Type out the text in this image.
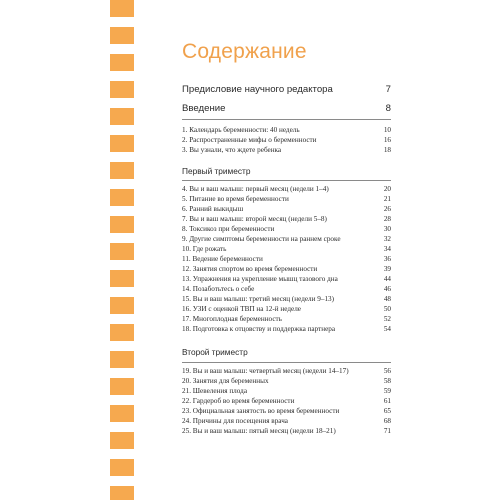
Содержание
Предисловие научного редактора	7
Введение	8
1. Календарь беременности: 40 недель	10
2. Распространенные мифы о беременности	16
3. Вы узнали, что ждете ребенка	18
Первый триместр
4. Вы и ваш малыш: первый месяц (недели 1–4)	20
5. Питание во время беременности	21
6. Ранний выкидыш	26
7. Вы и ваш малыш: второй месяц (недели 5–8)	28
8. Токсикоз при беременности	30
9. Другие симптомы беременности на раннем сроке	32
10. Где рожать	34
11. Ведение беременности	36
12. Занятия спортом во время беременности	39
13. Упражнения на укрепление мышц тазового дна	44
14. Позаботьтесь о себе	46
15. Вы и ваш малыш: третий месяц (недели 9–13)	48
16. УЗИ с оценкой ТВП на 12-й неделе	50
17. Многоплодная беременность	52
18. Подготовка к отцовству и поддержка партнера	54
Второй триместр
19. Вы и ваш малыш: четвертый месяц (недели 14–17)	56
20. Занятия для беременных	58
21. Шевеления плода	59
22. Гардероб во время беременности	61
23. Официальная занятость во время беременности	65
24. Причины для посещения врача	68
25. Вы и ваш малыш: пятый месяц (недели 18–21)	71
